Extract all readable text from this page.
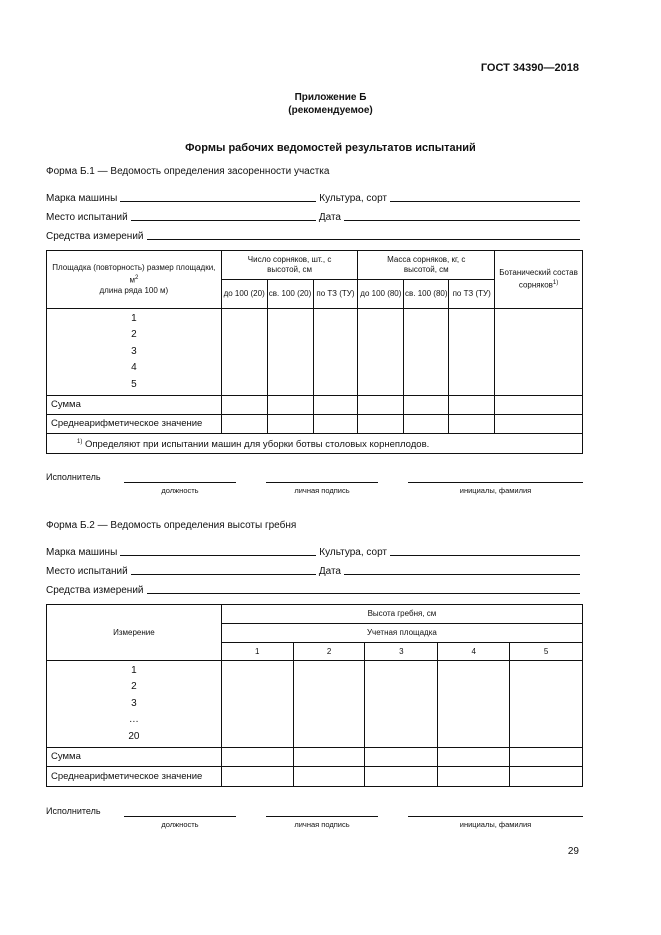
ГОСТ 34390—2018
Приложение Б
(рекомендуемое)
Формы рабочих ведомостей результатов испытаний
Форма Б.1 — Ведомость определения засоренности участка
Марка машины	Культура, сорт
Место испытаний	Дата
Средства измерений
Площадка (повторность) размер площадки, $м^2$
длина ряда 100 м)	Число сорняков, шт., с высотой, см			Масса сорняков, кг, с высотой, см			Ботанический состав сорняков$^{1)}$
	до 100 (20)	св. 100 (20)	по ТЗ (ТУ)	до 100 (80)	св. 100 (80)	по ТЗ (ТУ)	

1
2
3
4
5							

Сумма							
Среднеарифметическое значение							
$^{1)}$ Определяют при испытании машин для уборки ботвы столовых корнеплодов.							
Исполнитель
должность	личная подпись	инициалы, фамилия
Форма Б.2 — Ведомость определения высоты гребня
Марка машины	Культура, сорт
Место испытаний	Дата
Средства измерений
Измерение	Высота гребня, см				
	Учетная площадка				
	1	2	3	4	5

1
2
3
…
20					

Сумма					
Среднеарифметическое значение					
Исполнитель
должность	личная подпись	инициалы, фамилия
29
